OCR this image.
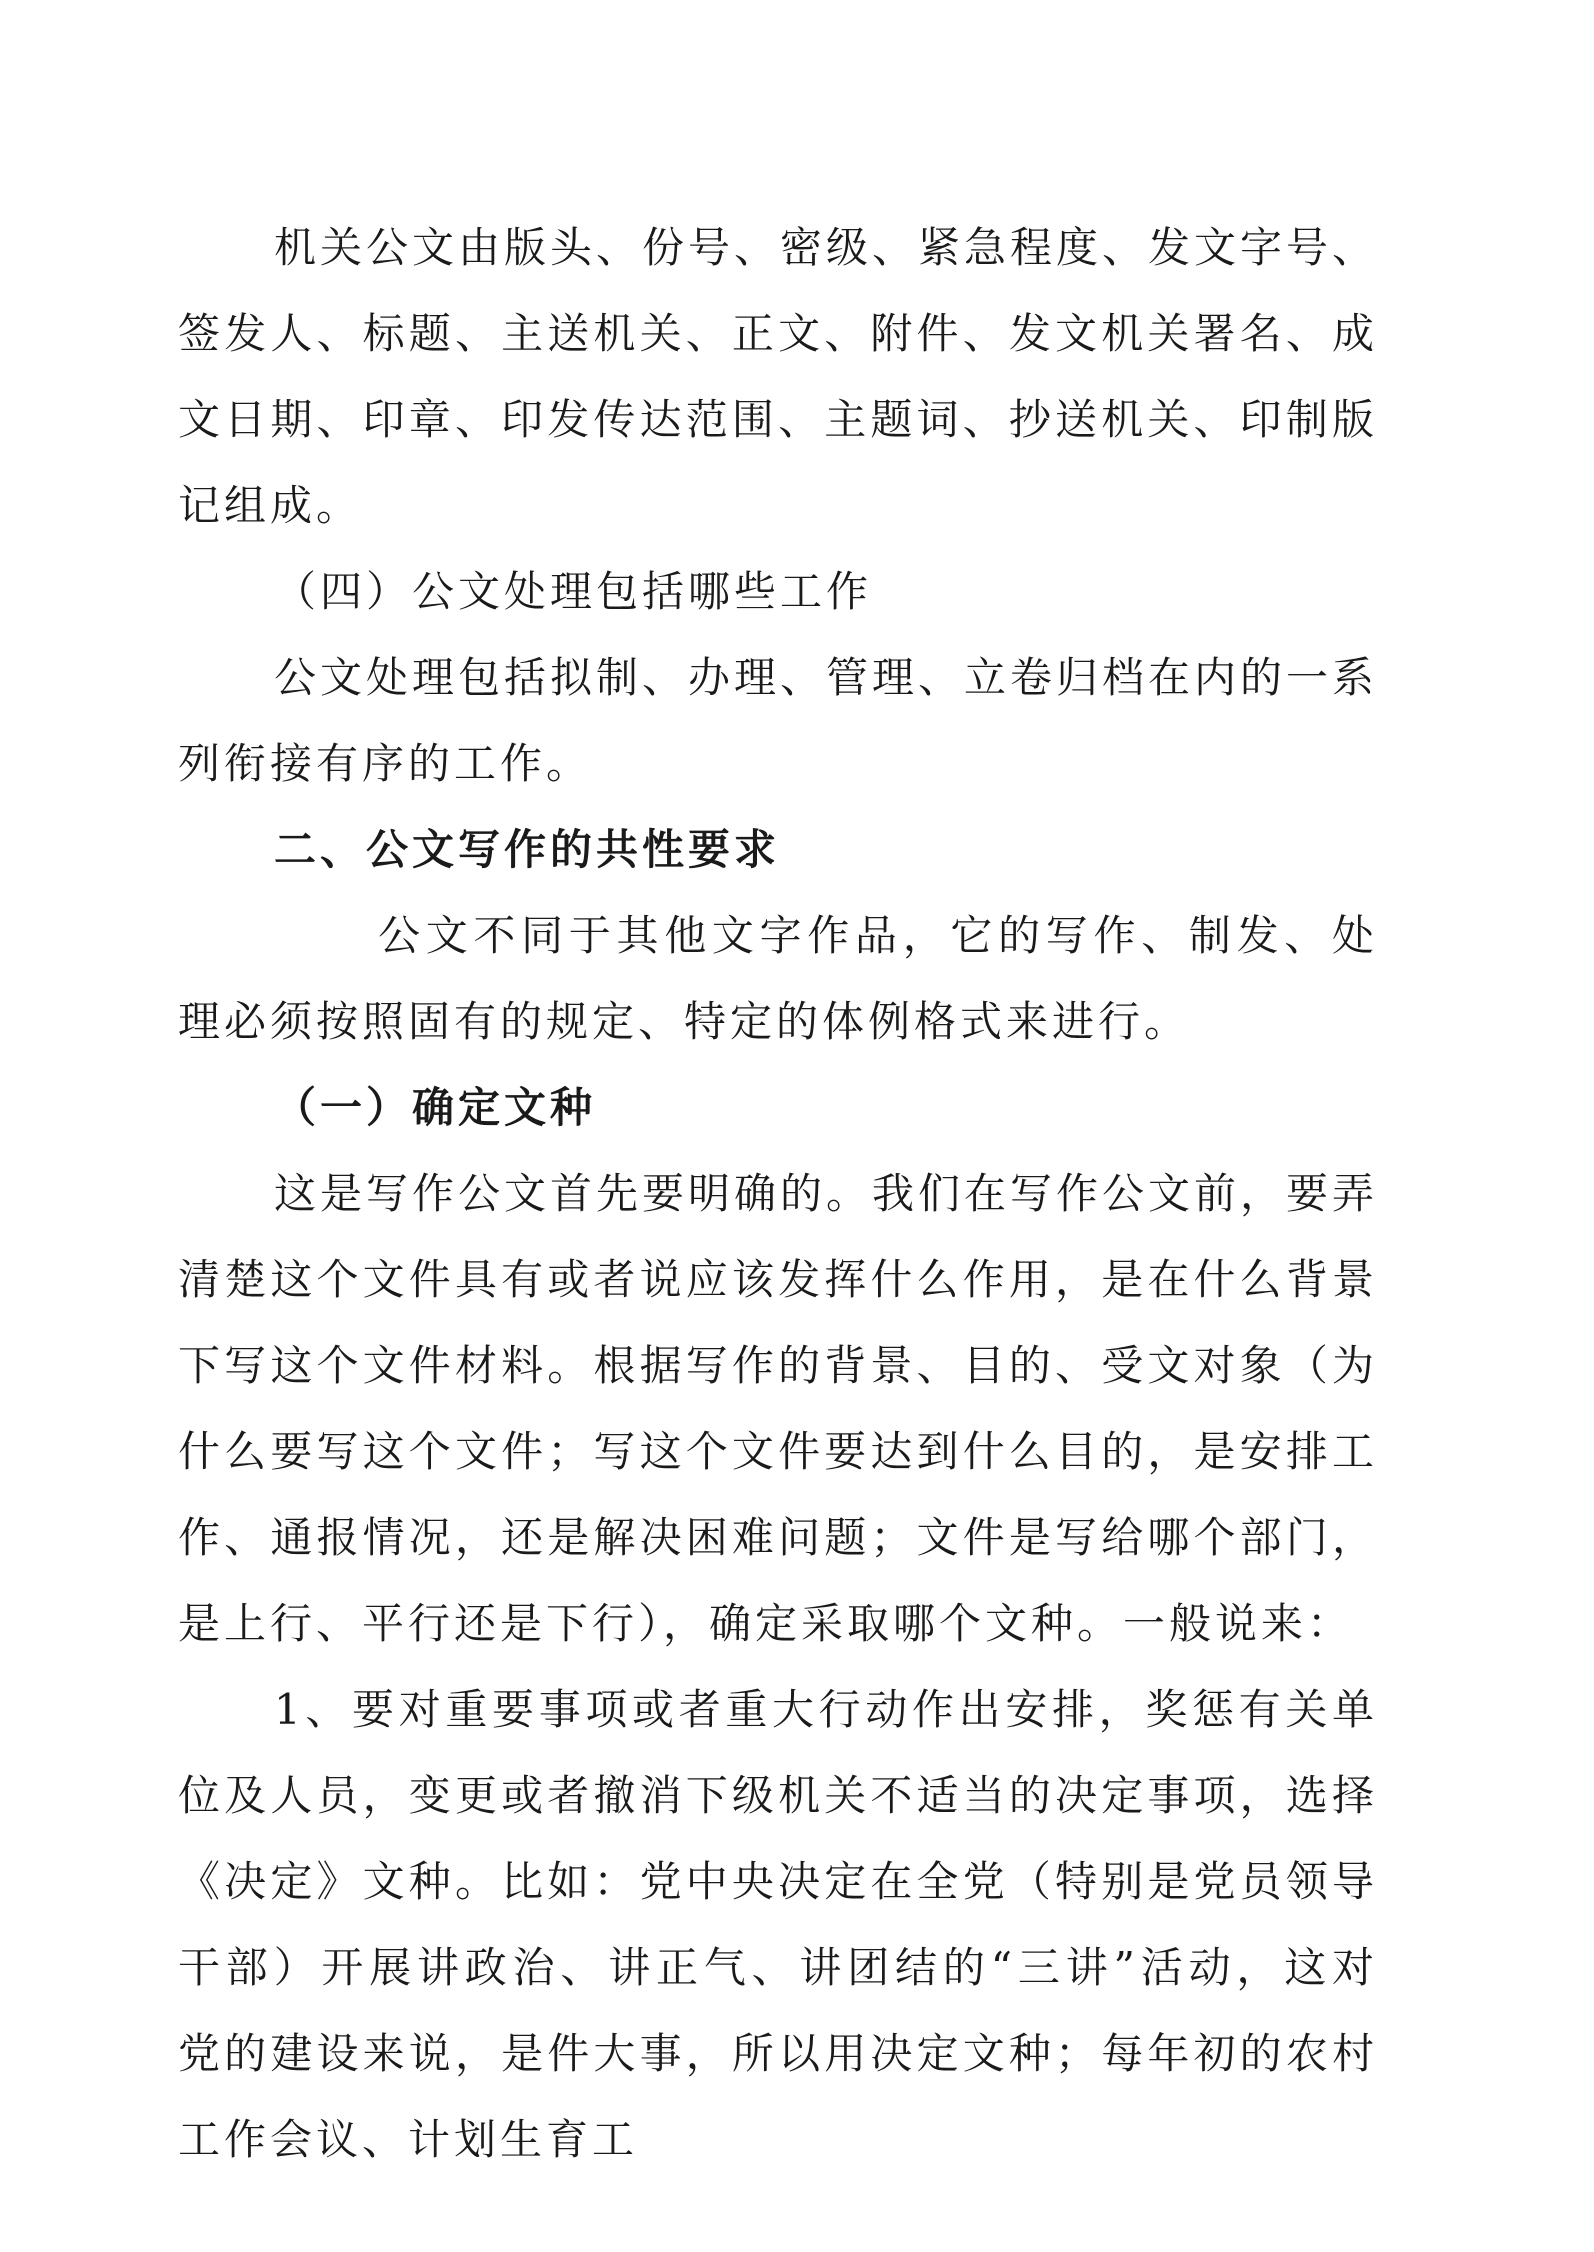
机关公文由版头、份号、密级、紧急程度、发文字号、签发人、标题、主送机关、正文、附件、发文机关署名、成文日期、印章、印发传达范围、主题词、抄送机关、印制版记组成。

（四）公文处理包括哪些工作

公文处理包括拟制、办理、管理、立卷归档在内的一系列衔接有序的工作。

二、公文写作的共性要求

公文不同于其他文字作品，它的写作、制发、处理必须按照固有的规定、特定的体例格式来进行。

（一）确定文种

这是写作公文首先要明确的。我们在写作公文前，要弄清楚这个文件具有或者说应该发挥什么作用，是在什么背景下写这个文件材料。根据写作的背景、目的、受文对象（为什么要写这个文件；写这个文件要达到什么目的，是安排工作、通报情况，还是解决困难问题；文件是写给哪个部门，是上行、平行还是下行），确定采取哪个文种。一般说来：

1、要对重要事项或者重大行动作出安排，奖惩有关单位及人员，变更或者撤消下级机关不适当的决定事项，选择《决定》文种。比如：党中央决定在全党（特别是党员领导干部）开展讲政治、讲正气、讲团结的“三讲”活动，这对党的建设来说，是件大事，所以用决定文种；每年初的农村工作会议、计划生育工
